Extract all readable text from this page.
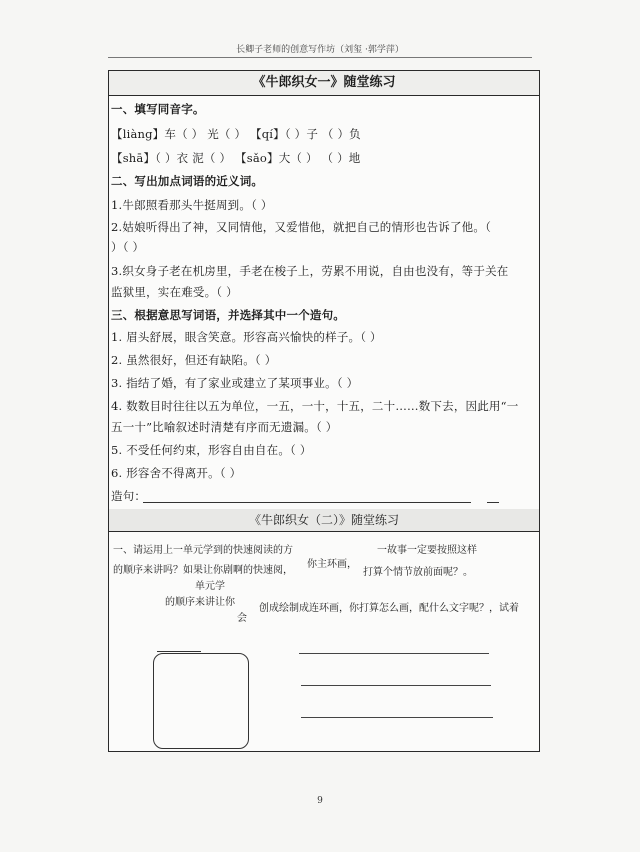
长卿子老师的创意写作坊（刘玺 ·郭学萍）
《牛郎织女一》随堂练习
一、填写同音字。
【liàng】车（ ） 光（ ） 【qí】（ ）子 （ ）负
【shā】（ ）衣 泥（ ） 【sǎo】大（ ） （ ）地
二、写出加点词语的近义词。
1.牛郎照看那头牛挺周到。（ ）
2.姑娘听得出了神，又同情他，又爱惜他，就把自己的情形也告诉了他。（
）（ ）
3.织女身子老在机房里，手老在梭子上，劳累不用说，自由也没有，等于关在
监狱里，实在难受。（ ）
三、根据意思写词语，并选择其中一个造句。
1. 眉头舒展，眼含笑意。形容高兴愉快的样子。（ ）
2. 虽然很好，但还有缺陷。（ ）
3. 指结了婚，有了家业或建立了某项事业。（ ）
4. 数数目时往往以五为单位，一五，一十，十五，二十……数下去，因此用“一
五一十”比喻叙述时清楚有序而无遗漏。（ ）
5. 不受任何约束，形容自由自在。（ ）
6. 形容舍不得离开。（ ）
造句：
《牛郎织女（二）》随堂练习
一、请运用上一单元学到的快速阅读的方	一故事一定要按照这样
的顺序来讲吗？如果让你剧啊的快速阅，
你主环画，
打算个情节放前面呢？。
单元学
的顺序来讲让你
会
创成绘制成连环画，你打算怎么画，配什么文字呢？，试着
9
